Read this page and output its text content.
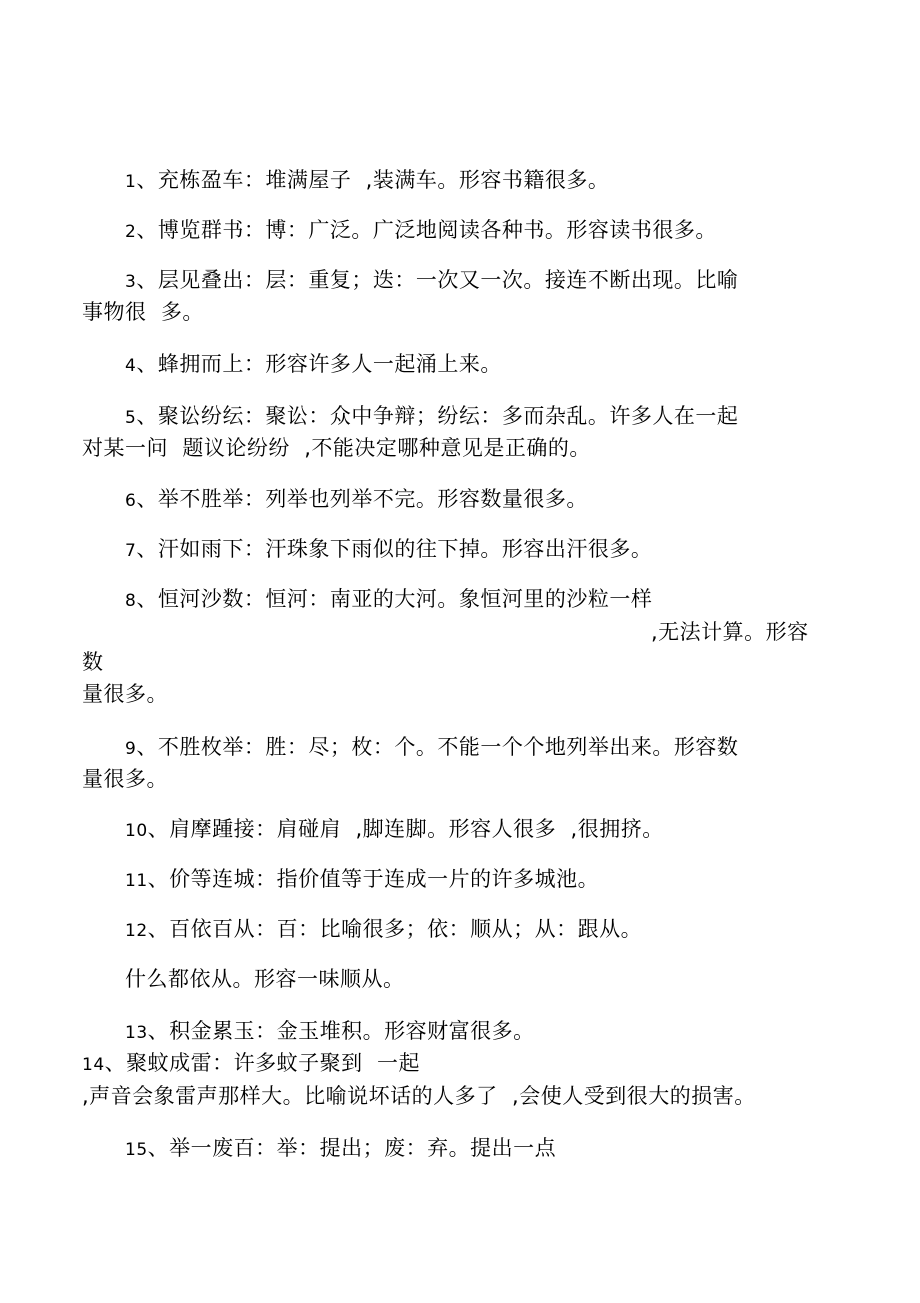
1、充栋盈车：堆满屋子  ,装满车。形容书籍很多。
2、博览群书：博：广泛。广泛地阅读各种书。形容读书很多。
3、层见叠出：层：重复；迭：一次又一次。接连不断出现。比喻
事物很  多。
4、蜂拥而上：形容许多人一起涌上来。
5、聚讼纷纭：聚讼：众中争辩；纷纭：多而杂乱。许多人在一起
对某一问  题议论纷纷  ,不能决定哪种意见是正确的。
6、举不胜举：列举也列举不完。形容数量很多。
7、汗如雨下：汗珠象下雨似的往下掉。形容出汗很多。
8、恒河沙数：恒河：南亚的大河。象恒河里的沙粒一样
,无法计算。形容
数
量很多。
9、不胜枚举：胜：尽；枚：个。不能一个个地列举出来。形容数
量很多。
10、肩摩踵接：肩碰肩  ,脚连脚。形容人很多  ,很拥挤。
11、价等连城：指价值等于连成一片的许多城池。
12、百依百从：百：比喻很多；依：顺从；从：跟从。
什么都依从。形容一味顺从。
13、积金累玉：金玉堆积。形容财富很多。
14、聚蚊成雷：许多蚊子聚到  一起
,声音会象雷声那样大。比喻说坏话的人多了  ,会使人受到很大的损害。
15、举一废百：举：提出；废：弃。提出一点
